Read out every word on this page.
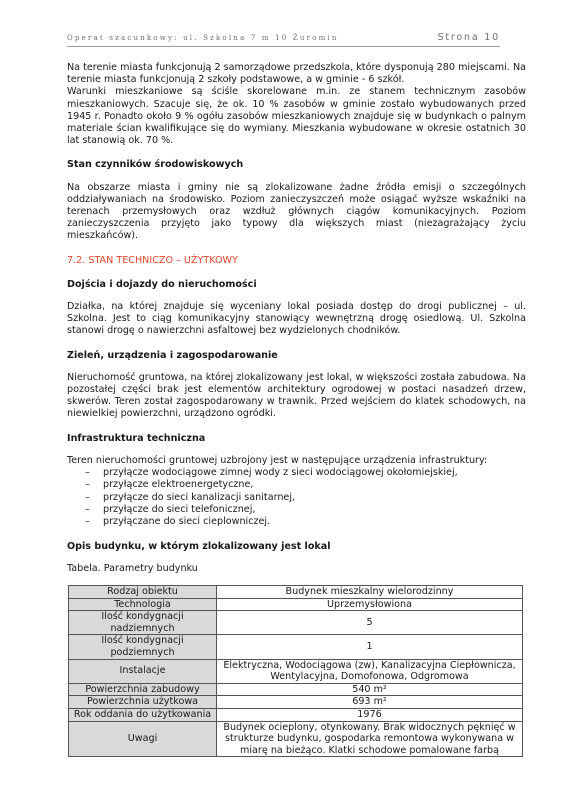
Operat szacunkowy: ul. Szkolna 7 m 10 Żuromin	Strona 10

Na terenie miasta funkcjonują 2 samorządowe przedszkola, które dysponują 280 miejscami. Na terenie miasta funkcjonują 2 szkoły podstawowe, a w gminie - 6 szkół.

Warunki mieszkaniowe są ściśle skorelowane m.in. ze stanem technicznym zasobów mieszkaniowych. Szacuje się, że ok. 10 % zasobów w gminie zostało wybudowanych przed 1945 r. Ponadto około 9 % ogółu zasobów mieszkaniowych znajduje się w budynkach o palnym materiale ścian kwalifikujące się do wymiany. Mieszkania wybudowane w okresie ostatnich 30 lat stanowią ok. 70 %.

Stan czynników środowiskowych

Na obszarze miasta i gminy nie są zlokalizowane żadne źródła emisji o szczególnych oddziaływaniach na środowisko. Poziom zanieczyszczeń może osiągać wyższe wskaźniki na terenach przemysłowych oraz wzdłuż głównych ciągów komunikacyjnych. Poziom zanieczyszczenia przyjęto jako typowy dla większych miast (niezagrażający życiu mieszkańców).

7.2. STAN TECHNICZO – UŻYTKOWY
Dojścia i dojazdy do nieruchomości

Działka, na której znajduje się wyceniany lokal posiada dostęp do drogi publicznej – ul. Szkolna. Jest to ciąg komunikacyjny stanowiący wewnętrzną drogę osiedlową. Ul. Szkolna stanowi drogę o nawierzchni asfaltowej bez wydzielonych chodników.

Zieleń, urządzenia i zagospodarowanie

Nieruchomość gruntowa, na której zlokalizowany jest lokal, w większości została zabudowa. Na pozostałej części brak jest elementów architektury ogrodowej w postaci nasadzeń drzew, skwerów. Teren został zagospodarowany w trawnik. Przed wejściem do klatek schodowych, na niewielkiej powierzchni, urządzono ogródki.

Infrastruktura techniczna

Teren nieruchomości gruntowej uzbrojony jest w następujące urządzenia infrastruktury:

– przyłącze wodociągowe zimnej wody z sieci wodociągowej okołomiejskiej,
– przyłącze elektroenergetyczne,
– przyłącze do sieci kanalizacji sanitarnej,
– przyłącze do sieci telefonicznej,
– przyłączane do sieci cieplowniczej.
Opis budynku, w którym zlokalizowany jest lokal

Tabela. Parametry budynku

Rodzaj obiektu	Budynek mieszkalny wielorodzinny
Technologia	Uprzemysłowiona
Ilość kondygnacji nadziemnych	5
Ilość kondygnacji podziemnych	1
Instalacje	Elektryczna, Wodociągowa (zw), Kanalizacyjna Ciepłownicza, Wentylacyjna, Domofonowa, Odgromowa
Powierzchnia zabudowy	540 m²
Powierzchnia użytkowa	693 m²
Rok oddania do użytkowania	1976
Uwagi	Budynek ocieplony, otynkowany. Brak widocznych pęknięć w strukturze budynku, gospodarka remontowa wykonywana w miarę na bieżąco. Klatki schodowe pomalowane farbą
